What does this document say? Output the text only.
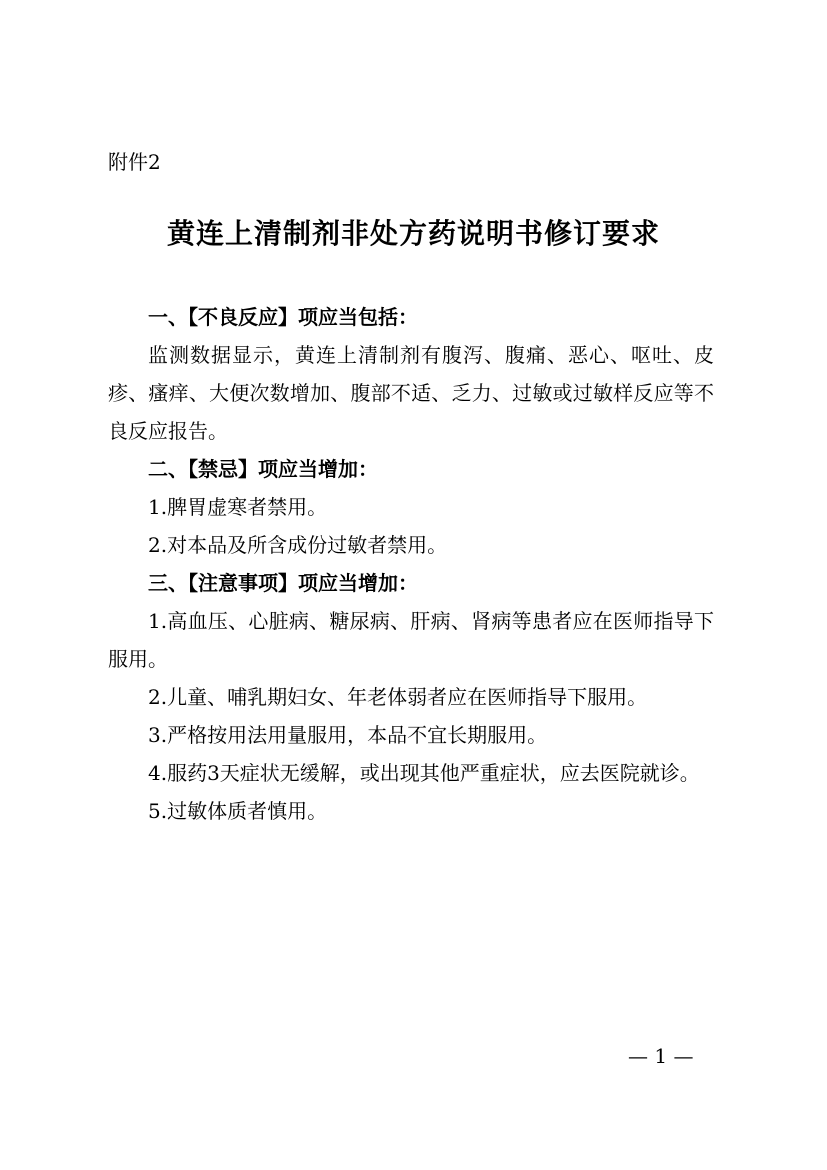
附件2
黄连上清制剂非处方药说明书修订要求

一、【不良反应】项应当包括：

监测数据显示，黄连上清制剂有腹泻、腹痛、恶心、呕吐、皮疹、瘙痒、大便次数增加、腹部不适、乏力、过敏或过敏样反应等不良反应报告。

二、【禁忌】项应当增加：

1.脾胃虚寒者禁用。

2.对本品及所含成份过敏者禁用。

三、【注意事项】项应当增加：

1.高血压、心脏病、糖尿病、肝病、肾病等患者应在医师指导下服用。

2.儿童、哺乳期妇女、年老体弱者应在医师指导下服用。

3.严格按用法用量服用，本品不宜长期服用。

4.服药3天症状无缓解，或出现其他严重症状，应去医院就诊。

5.过敏体质者慎用。

— 1 —
